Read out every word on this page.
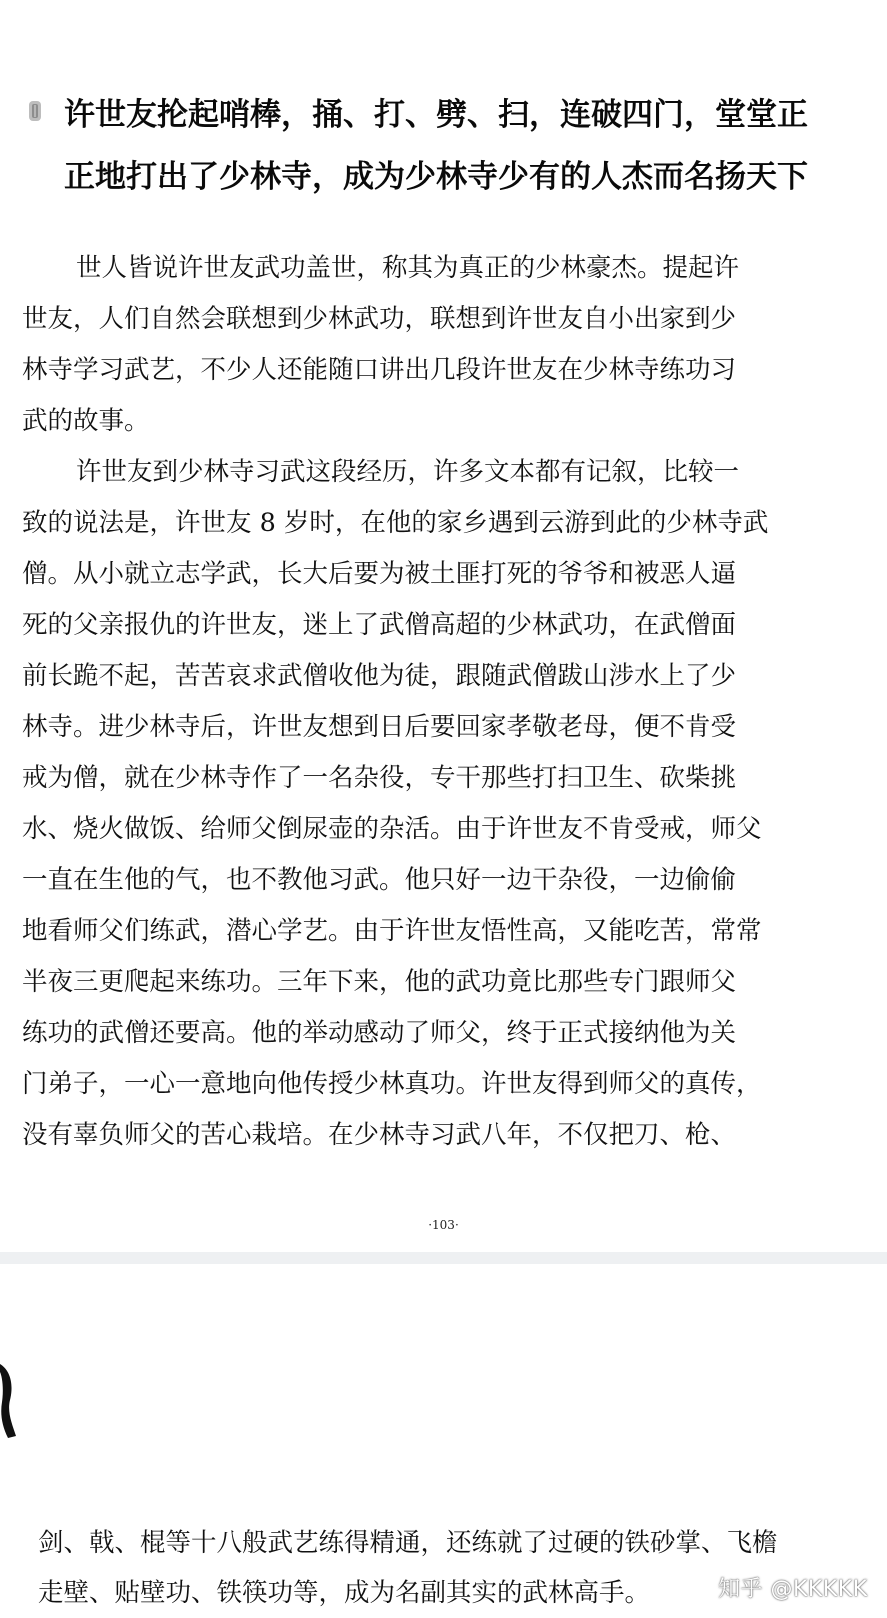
许世友抡起哨棒，捅、打、劈、扫，连破四门，堂堂正
正地打出了少林寺，成为少林寺少有的人杰而名扬天下
世人皆说许世友武功盖世，称其为真正的少林豪杰。提起许
世友，人们自然会联想到少林武功，联想到许世友自小出家到少
林寺学习武艺，不少人还能随口讲出几段许世友在少林寺练功习
武的故事。
许世友到少林寺习武这段经历，许多文本都有记叙，比较一
致的说法是，许世友 8 岁时，在他的家乡遇到云游到此的少林寺武
僧。从小就立志学武，长大后要为被土匪打死的爷爷和被恶人逼
死的父亲报仇的许世友，迷上了武僧高超的少林武功，在武僧面
前长跪不起，苦苦哀求武僧收他为徒，跟随武僧跋山涉水上了少
林寺。进少林寺后，许世友想到日后要回家孝敬老母，便不肯受
戒为僧，就在少林寺作了一名杂役，专干那些打扫卫生、砍柴挑
水、烧火做饭、给师父倒尿壶的杂活。由于许世友不肯受戒，师父
一直在生他的气，也不教他习武。他只好一边干杂役，一边偷偷
地看师父们练武，潜心学艺。由于许世友悟性高，又能吃苦，常常
半夜三更爬起来练功。三年下来，他的武功竟比那些专门跟师父
练功的武僧还要高。他的举动感动了师父，终于正式接纳他为关
门弟子，一心一意地向他传授少林真功。许世友得到师父的真传，
没有辜负师父的苦心栽培。在少林寺习武八年，不仅把刀、枪、
·103·
剑、戟、棍等十八般武艺练得精通，还练就了过硬的铁砂掌、飞檐
走壁、贴壁功、铁筷功等，成为名副其实的武林高手。	知乎 @KKKKK
